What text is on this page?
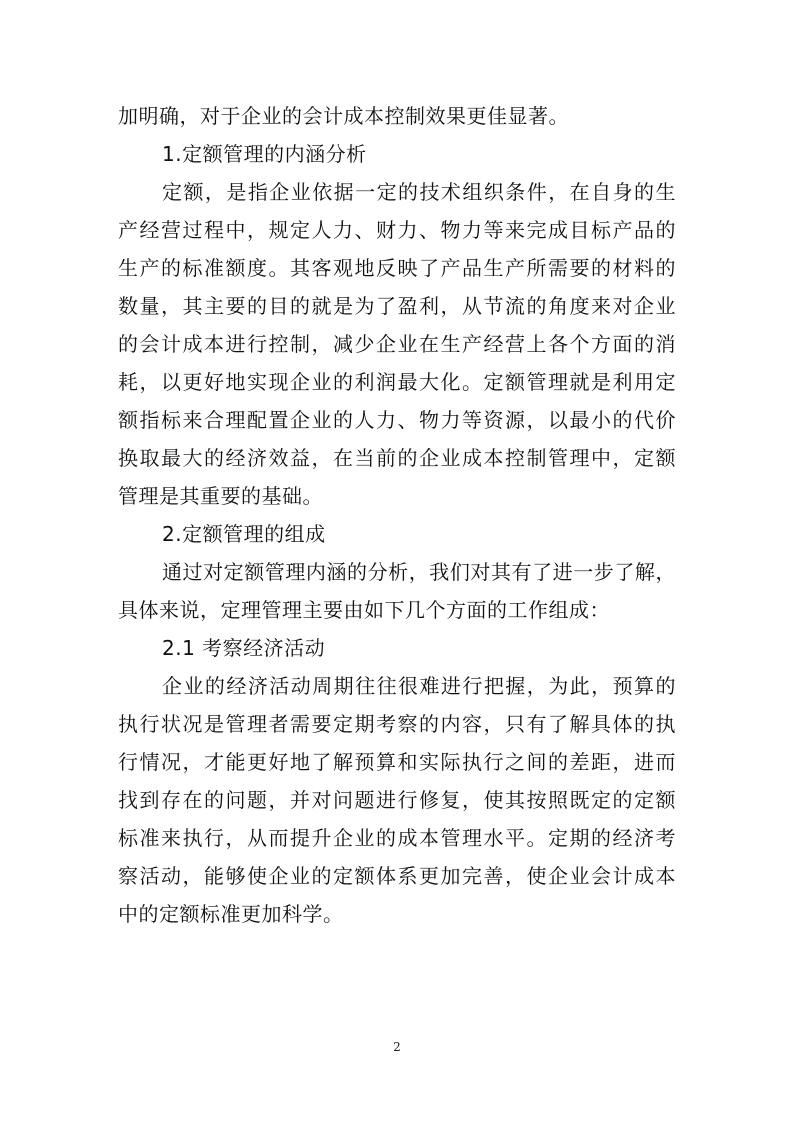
加明确，对于企业的会计成本控制效果更佳显著。
1.定额管理的内涵分析
定额，是指企业依据一定的技术组织条件，在自身的生
产经营过程中，规定人力、财力、物力等来完成目标产品的
生产的标准额度。其客观地反映了产品生产所需要的材料的
数量，其主要的目的就是为了盈利，从节流的角度来对企业
的会计成本进行控制，减少企业在生产经营上各个方面的消
耗，以更好地实现企业的利润最大化。定额管理就是利用定
额指标来合理配置企业的人力、物力等资源，以最小的代价
换取最大的经济效益，在当前的企业成本控制管理中，定额
管理是其重要的基础。
2.定额管理的组成
通过对定额管理内涵的分析，我们对其有了进一步了解，
具体来说，定理管理主要由如下几个方面的工作组成：
2.1 考察经济活动
企业的经济活动周期往往很难进行把握，为此，预算的
执行状况是管理者需要定期考察的内容，只有了解具体的执
行情况，才能更好地了解预算和实际执行之间的差距，进而
找到存在的问题，并对问题进行修复，使其按照既定的定额
标准来执行，从而提升企业的成本管理水平。定期的经济考
察活动，能够使企业的定额体系更加完善，使企业会计成本
中的定额标准更加科学。
2
